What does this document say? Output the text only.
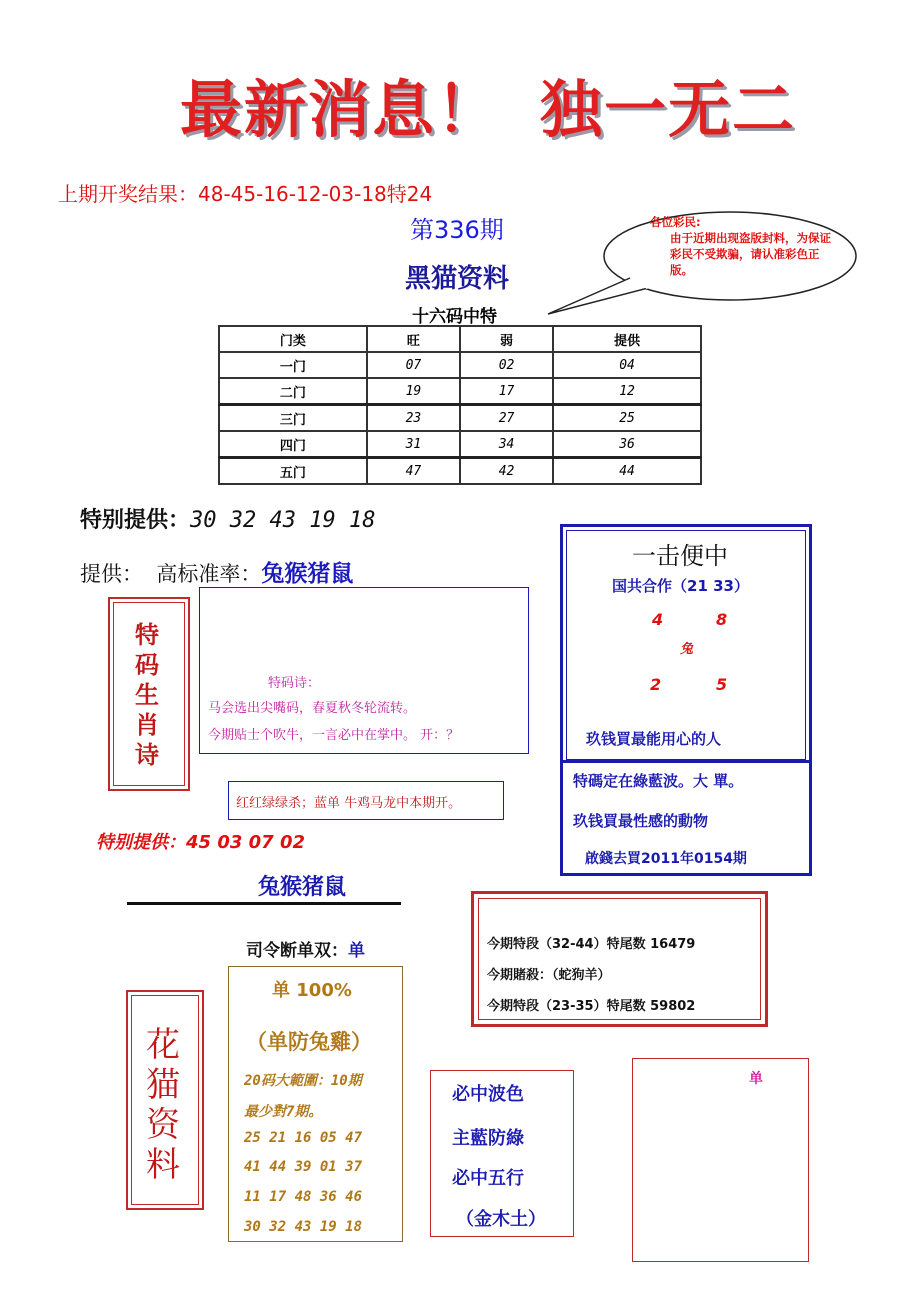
最新消息！ 独一无二
上期开奖结果：48-45-16-12-03-18特24
第336期
黑猫资料
十六码中特
各位彩民:
由于近期出现盗版封料，为保证彩民不受欺骗，请认准彩色正版。
门类	旺	弱	提供
一门	07	02	04
二门	19	17	12
三门	23	27	25
四门	31	34	36
五门	47	42	44
特别提供：30 32 43 19 18
提供： 高标准率：兔猴猪鼠
特
码
生
肖
诗
特码诗：
马会选出尖嘴码，春夏秋冬轮流转。
今期贴士个吹牛，一言必中在掌中。 开：？
红红绿绿杀；蓝单 牛鸡马龙中本期开。
特别提供：45 03 07 02
一击便中
国共合作（21 33）
4	8
兔
2	5
玖钱買最能用心的人
特碼定在綠藍波。大 單。
玖钱買最性感的動物
啟錢去買2011年0154期
兔猴猪鼠
司令断单双：单
花
猫
资
料
单 100%
（单防兔雞）
20码大範圍：10期
最少對7期。
25 21 16 05 47
41 44 39 01 37
11 17 48 36 46
30 32 43 19 18
今期特段（32-44）特尾数 16479
今期賭殺：（蛇狗羊）
今期特段（23-35）特尾数 59802
必中波色
主藍防綠
必中五行
（金木土）
单
